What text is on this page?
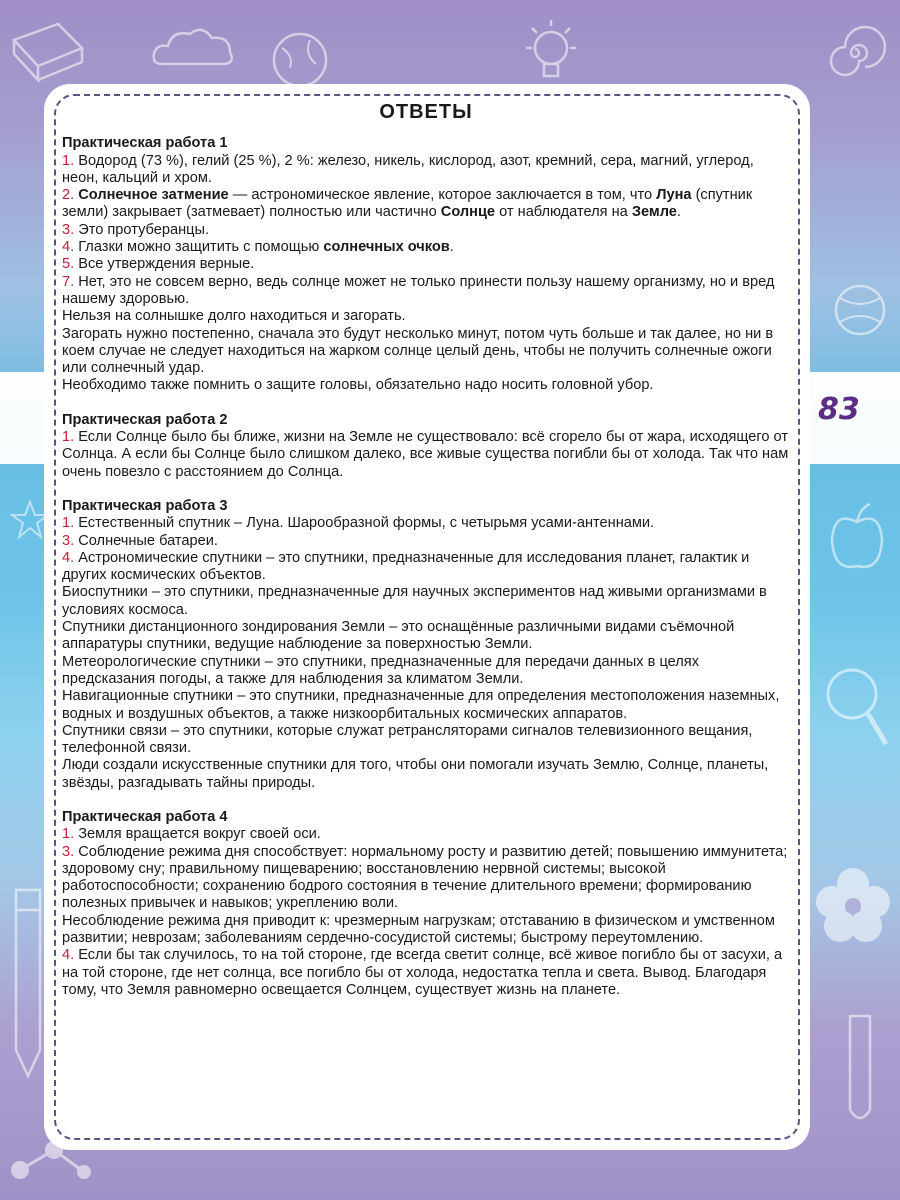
83
ОТВЕТЫ
Практическая работа 1
1. Водород (73 %), гелий (25 %), 2 %: железо, никель, кислород, азот, кремний, сера, магний, углерод, неон, кальций и хром.
2. Солнечное затмение — астрономическое явление, которое заключается в том, что Луна (спутник земли) закрывает (затмевает) полностью или частично Солнце от наблюдателя на Земле.
3. Это протуберанцы.
4. Глазки можно защитить с помощью солнечных очков.
5. Все утверждения верные.
7. Нет, это не совсем верно, ведь солнце может не только принести пользу нашему организму, но и вред нашему здоровью.
Нельзя на солнышке долго находиться и загорать.
Загорать нужно постепенно, сначала это будут несколько минут, потом чуть больше и так далее, но ни в коем случае не следует находиться на жарком солнце целый день, чтобы не получить солнечные ожоги или солнечный удар.
Необходимо также помнить о защите головы, обязательно надо носить головной убор.
Практическая работа 2
1. Если Солнце было бы ближе, жизни на Земле не существовало: всё сгорело бы от жара, исходящего от Солнца. А если бы Солнце было слишком далеко, все живые существа погибли бы от холода. Так что нам очень повезло с расстоянием до Солнца.
Практическая работа 3
1. Естественный спутник – Луна. Шарообразной формы, с четырьмя усами-антеннами.
3. Солнечные батареи.
4. Астрономические спутники – это спутники, предназначенные для исследования планет, галактик и других космических объектов.
Биоспутники – это спутники, предназначенные для научных экспериментов над живыми организмами в условиях космоса.
Спутники дистанционного зондирования Земли – это оснащённые различными видами съёмочной аппаратуры спутники, ведущие наблюдение за поверхностью Земли.
Метеорологические спутники – это спутники, предназначенные для передачи данных в целях предсказания погоды, а также для наблюдения за климатом Земли.
Навигационные спутники – это спутники, предназначенные для определения местоположения наземных, водных и воздушных объектов, а также низкоорбитальных космических аппаратов.
Спутники связи – это спутники, которые служат ретрансляторами сигналов телевизионного вещания, телефонной связи.
Люди создали искусственные спутники для того, чтобы они помогали изучать Землю, Солнце, планеты, звёзды, разгадывать тайны природы.
Практическая работа 4
1. Земля вращается вокруг своей оси.
3. Соблюдение режима дня способствует: нормальному росту и развитию детей; повышению иммунитета; здоровому сну; правильному пищеварению; восстановлению нервной системы; высокой работоспособности; сохранению бодрого состояния в течение длительного времени; формированию полезных привычек и навыков; укреплению воли.
Несоблюдение режима дня приводит к: чрезмерным нагрузкам; отставанию в физическом и умственном развитии; неврозам; заболеваниям сердечно-сосудистой системы; быстрому переутомлению.
4. Если бы так случилось, то на той стороне, где всегда светит солнце, всё живое погибло бы от засухи, а на той стороне, где нет солнца, все погибло бы от холода, недостатка тепла и света. Вывод. Благодаря тому, что Земля равномерно освещается Солнцем, существует жизнь на планете.
